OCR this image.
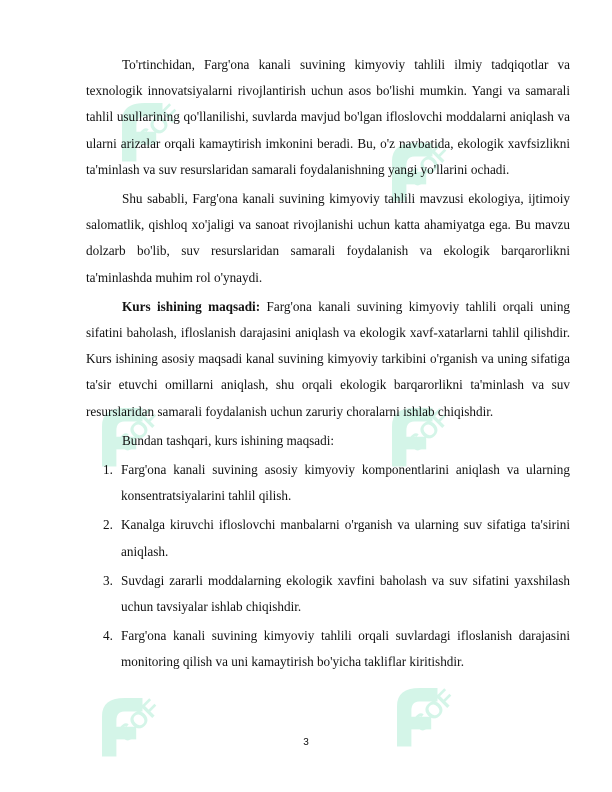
SOF
SOF
SOF	SOF
SOF	SOF

To'rtinchidan, Farg'ona kanali suvining kimyoviy tahlili ilmiy tadqiqotlar va texnologik innovatsiyalarni rivojlantirish uchun asos bo'lishi mumkin. Yangi va samarali tahlil usullarining qo'llanilishi, suvlarda mavjud bo'lgan ifloslovchi moddalarni aniqlash va ularni arizalar orqali kamaytirish imkonini beradi. Bu, o'z navbatida, ekologik xavfsizlikni ta'minlash va suv resurslaridan samarali foydalanishning yangi yo'llarini ochadi.

Shu sababli, Farg'ona kanali suvining kimyoviy tahlili mavzusi ekologiya, ijtimoiy salomatlik, qishloq xo'jaligi va sanoat rivojlanishi uchun katta ahamiyatga ega. Bu mavzu dolzarb bo'lib, suv resurslaridan samarali foydalanish va ekologik barqarorlikni ta'minlashda muhim rol o'ynaydi.

Kurs ishining maqsadi: Farg'ona kanali suvining kimyoviy tahlili orqali uning sifatini baholash, ifloslanish darajasini aniqlash va ekologik xavf-xatarlarni tahlil qilishdir. Kurs ishining asosiy maqsadi kanal suvining kimyoviy tarkibini o'rganish va uning sifatiga ta'sir etuvchi omillarni aniqlash, shu orqali ekologik barqarorlikni ta'minlash va suv resurslaridan samarali foydalanish uchun zaruriy choralarni ishlab chiqishdir.

Bundan tashqari, kurs ishining maqsadi:

1. Farg'ona kanali suvining asosiy kimyoviy komponentlarini aniqlash va ularning konsentratsiyalarini tahlil qilish.
2. Kanalga kiruvchi ifloslovchi manbalarni o'rganish va ularning suv sifatiga ta'sirini aniqlash.
3. Suvdagi zararli moddalarning ekologik xavfini baholash va suv sifatini yaxshilash uchun tavsiyalar ishlab chiqishdir.
4. Farg'ona kanali suvining kimyoviy tahlili orqali suvlardagi ifloslanish darajasini monitoring qilish va uni kamaytirish bo'yicha takliflar kiritishdir.
3
